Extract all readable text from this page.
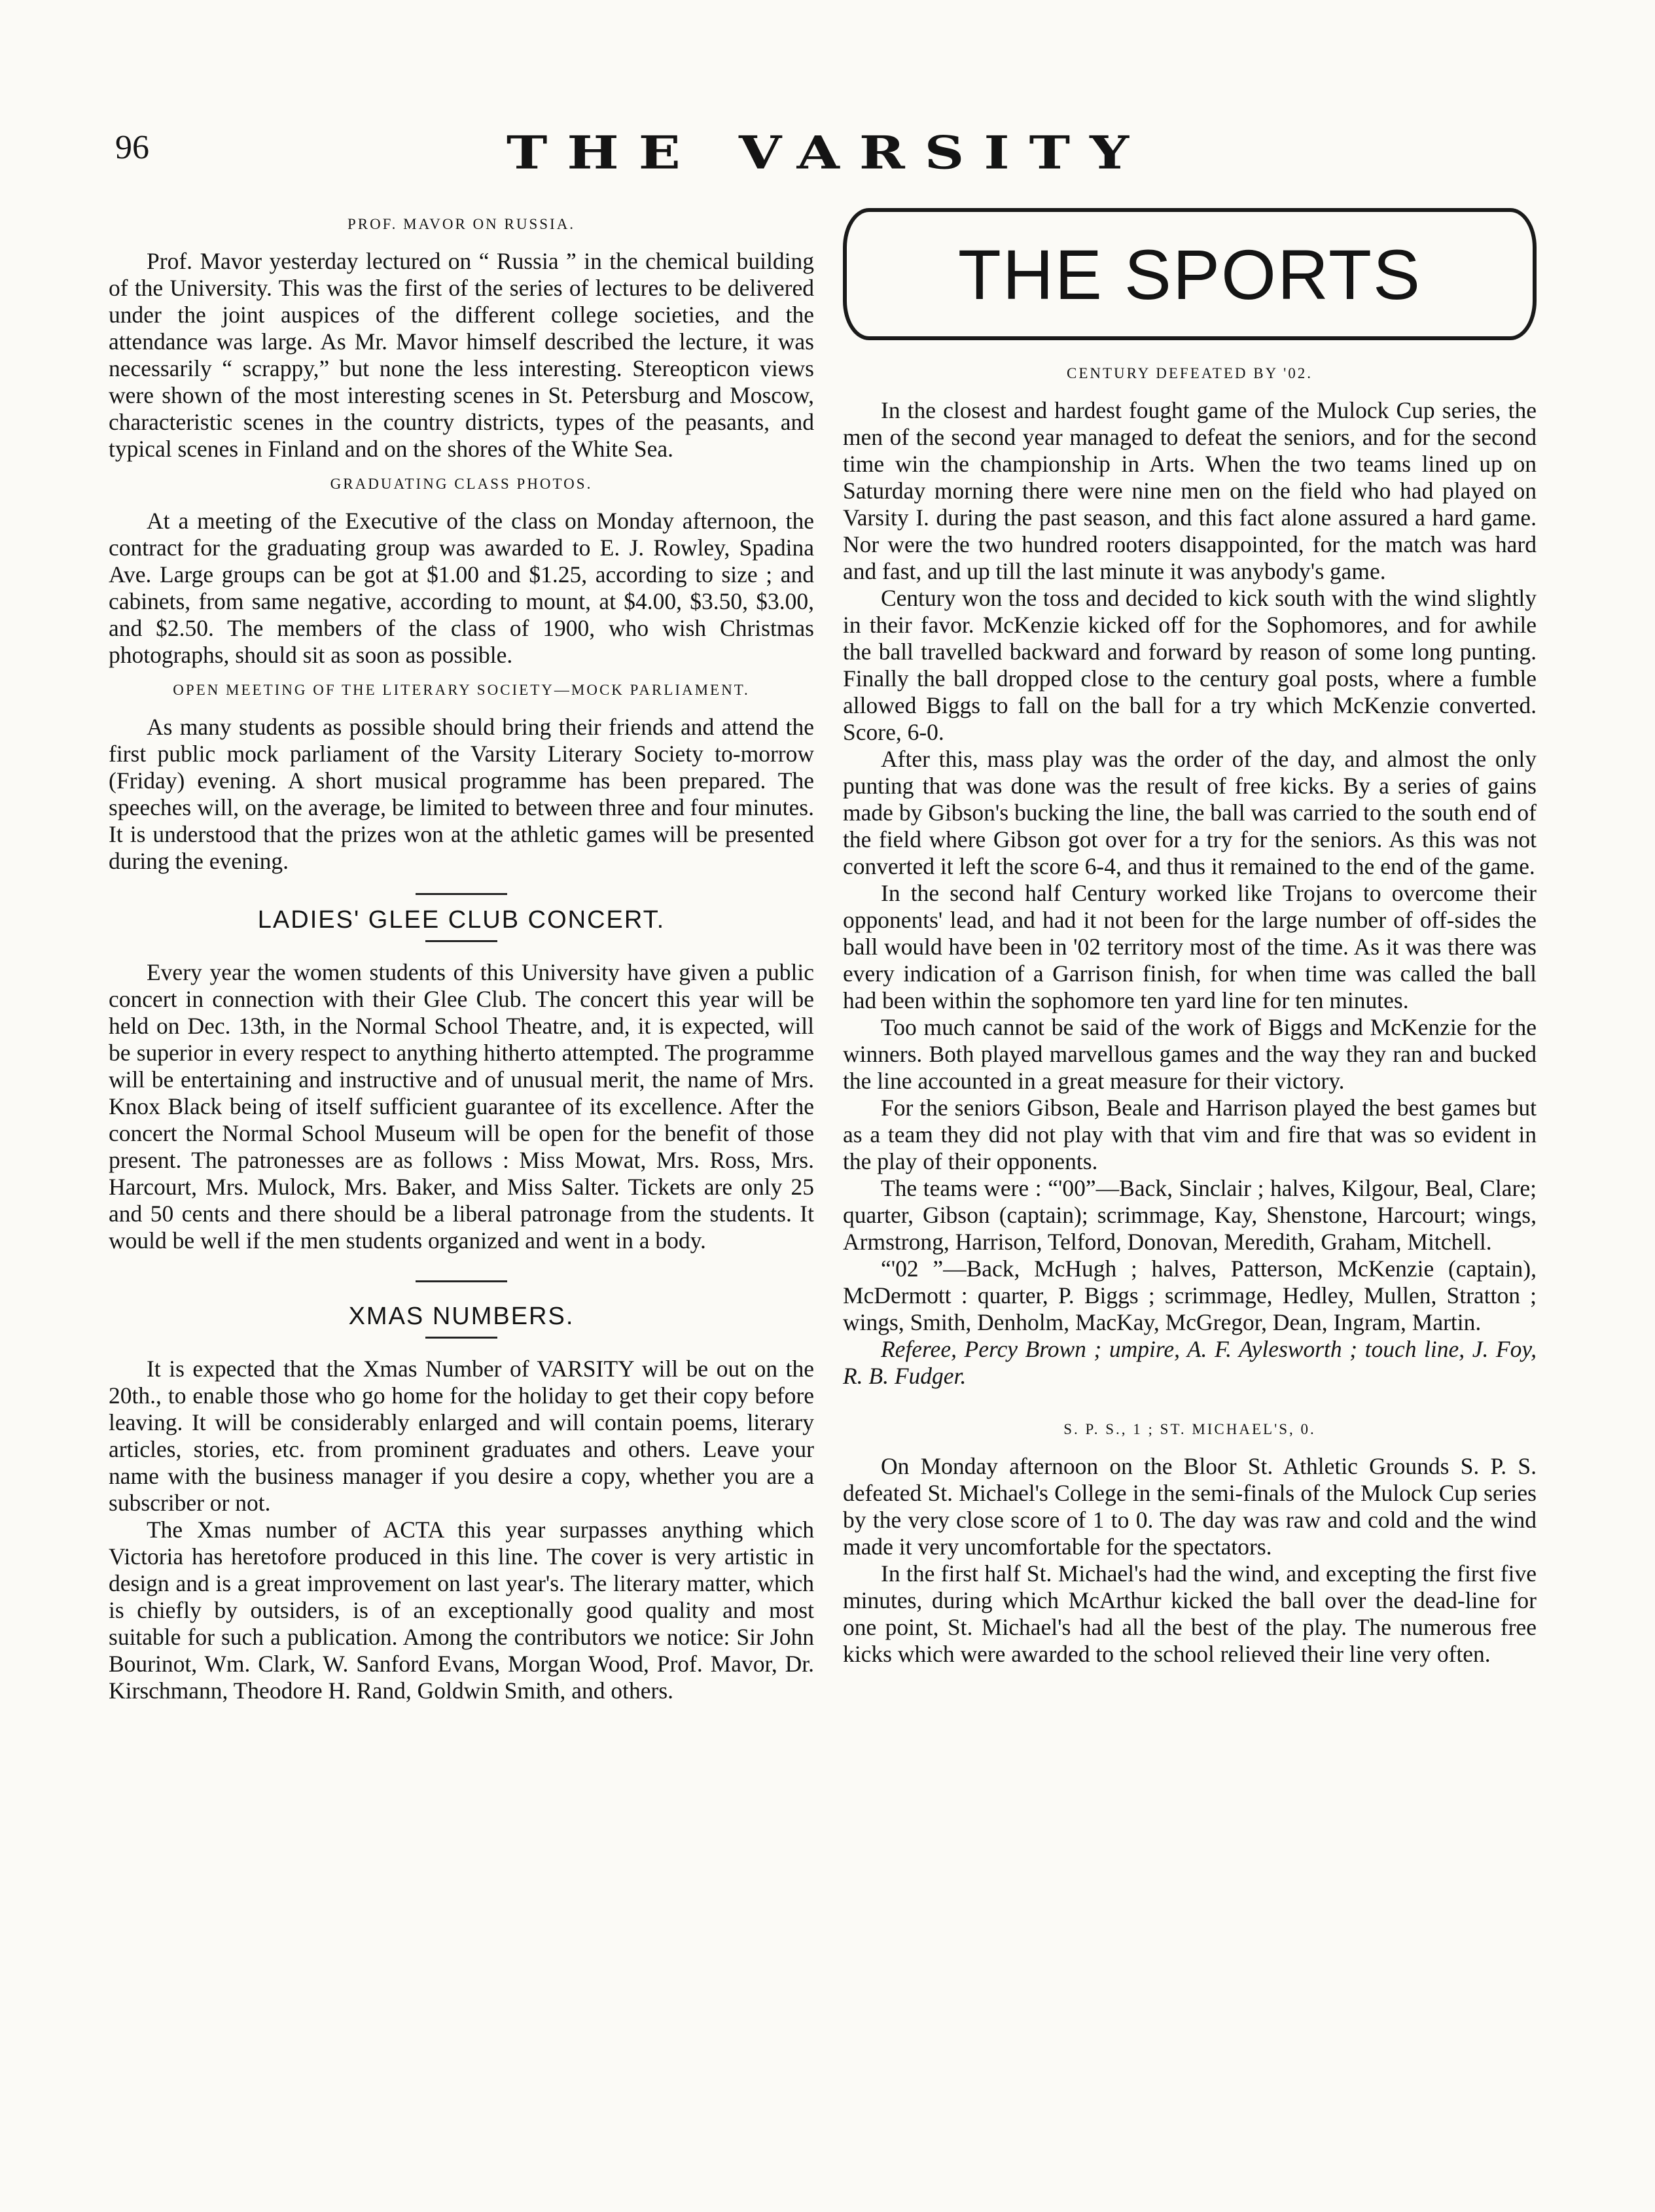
96	THE VARSITY
PROF. MAVOR ON RUSSIA.

Prof. Mavor yesterday lectured on “ Russia ” in the chemical building of the University. This was the first of the series of lectures to be delivered under the joint auspices of the different college societies, and the attendance was large. As Mr. Mavor himself described the lecture, it was necessarily “ scrappy,” but none the less interesting. Stereopticon views were shown of the most interesting scenes in St. Petersburg and Moscow, characteristic scenes in the country districts, types of the peasants, and typical scenes in Finland and on the shores of the White Sea.

GRADUATING CLASS PHOTOS.

At a meeting of the Executive of the class on Monday afternoon, the contract for the graduating group was awarded to E. J. Rowley, Spadina Ave. Large groups can be got at $1.00 and $1.25, according to size ; and cabinets, from same negative, according to mount, at $4.00, $3.50, $3.00, and $2.50. The members of the class of 1900, who wish Christmas photographs, should sit as soon as possible.

OPEN MEETING OF THE LITERARY SOCIETY—MOCK PARLIAMENT.

As many students as possible should bring their friends and attend the first public mock parliament of the Varsity Literary Society to-morrow (Friday) evening. A short musical programme has been prepared. The speeches will, on the average, be limited to between three and four minutes. It is understood that the prizes won at the athletic games will be presented during the evening.

LADIES' GLEE CLUB CONCERT.

Every year the women students of this University have given a public concert in connection with their Glee Club. The concert this year will be held on Dec. 13th, in the Normal School Theatre, and, it is expected, will be superior in every respect to anything hitherto attempted. The programme will be entertaining and instructive and of unusual merit, the name of Mrs. Knox Black being of itself sufficient guarantee of its excellence. After the concert the Normal School Museum will be open for the benefit of those present. The patronesses are as follows : Miss Mowat, Mrs. Ross, Mrs. Harcourt, Mrs. Mulock, Mrs. Baker, and Miss Salter. Tickets are only 25 and 50 cents and there should be a liberal patronage from the students. It would be well if the men students organized and went in a body.

XMAS NUMBERS.

It is expected that the Xmas Number of VARSITY will be out on the 20th., to enable those who go home for the holiday to get their copy before leaving. It will be considerably enlarged and will contain poems, literary articles, stories, etc. from prominent graduates and others. Leave your name with the business manager if you desire a copy, whether you are a subscriber or not.

The Xmas number of ACTA this year surpasses anything which Victoria has heretofore produced in this line. The cover is very artistic in design and is a great improvement on last year's. The literary matter, which is chiefly by outsiders, is of an exceptionally good quality and most suitable for such a publication. Among the contributors we notice: Sir John Bourinot, Wm. Clark, W. Sanford Evans, Morgan Wood, Prof. Mavor, Dr. Kirschmann, Theodore H. Rand, Goldwin Smith, and others.

THE SPORTS
CENTURY DEFEATED BY '02.

In the closest and hardest fought game of the Mulock Cup series, the men of the second year managed to defeat the seniors, and for the second time win the championship in Arts. When the two teams lined up on Saturday morning there were nine men on the field who had played on Varsity I. during the past season, and this fact alone assured a hard game. Nor were the two hundred rooters disappointed, for the match was hard and fast, and up till the last minute it was anybody's game.

Century won the toss and decided to kick south with the wind slightly in their favor. McKenzie kicked off for the Sophomores, and for awhile the ball travelled backward and forward by reason of some long punting. Finally the ball dropped close to the century goal posts, where a fumble allowed Biggs to fall on the ball for a try which McKenzie converted. Score, 6-0.

After this, mass play was the order of the day, and almost the only punting that was done was the result of free kicks. By a series of gains made by Gibson's bucking the line, the ball was carried to the south end of the field where Gibson got over for a try for the seniors. As this was not converted it left the score 6-4, and thus it remained to the end of the game.

In the second half Century worked like Trojans to overcome their opponents' lead, and had it not been for the large number of off-sides the ball would have been in '02 territory most of the time. As it was there was every indication of a Garrison finish, for when time was called the ball had been within the sophomore ten yard line for ten minutes.

Too much cannot be said of the work of Biggs and McKenzie for the winners. Both played marvellous games and the way they ran and bucked the line accounted in a great measure for their victory.

For the seniors Gibson, Beale and Harrison played the best games but as a team they did not play with that vim and fire that was so evident in the play of their opponents.

The teams were : “'00”—Back, Sinclair ; halves, Kilgour, Beal, Clare; quarter, Gibson (captain); scrimmage, Kay, Shenstone, Harcourt; wings, Armstrong, Harrison, Telford, Donovan, Meredith, Graham, Mitchell.

“'02 ”—Back, McHugh ; halves, Patterson, McKenzie (captain), McDermott : quarter, P. Biggs ; scrimmage, Hedley, Mullen, Stratton ; wings, Smith, Denholm, MacKay, McGregor, Dean, Ingram, Martin.

Referee, Percy Brown ; umpire, A. F. Aylesworth ; touch line, J. Foy, R. B. Fudger.

S. P. S., 1 ; ST. MICHAEL'S, 0.

On Monday afternoon on the Bloor St. Athletic Grounds S. P. S. defeated St. Michael's College in the semi-finals of the Mulock Cup series by the very close score of 1 to 0. The day was raw and cold and the wind made it very uncomfortable for the spectators.

In the first half St. Michael's had the wind, and excepting the first five minutes, during which McArthur kicked the ball over the dead-line for one point, St. Michael's had all the best of the play. The numerous free kicks which were awarded to the school relieved their line very often.
